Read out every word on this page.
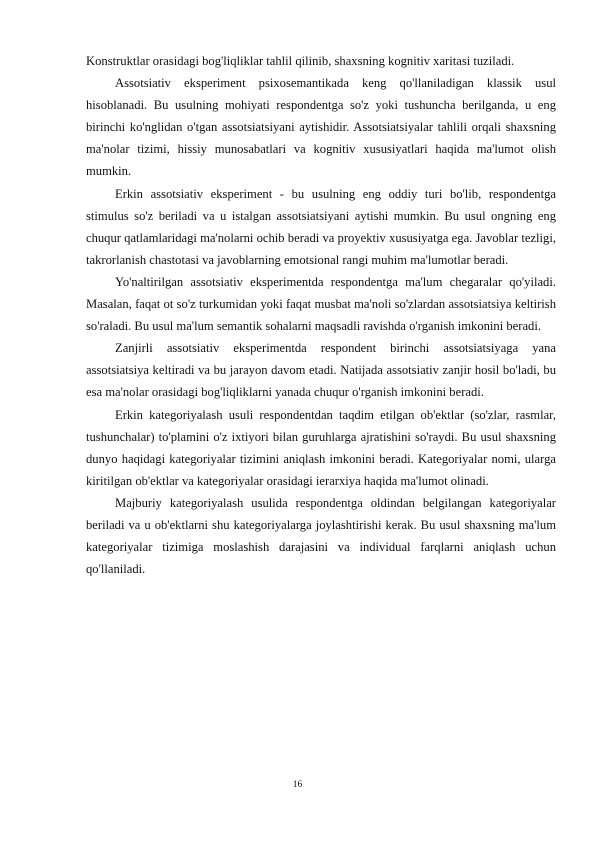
Konstruktlar orasidagi bog'liqliklar tahlil qilinib, shaxsning kognitiv xaritasi tuziladi.

Assotsiativ eksperiment psixosemantikada keng qo'llaniladigan klassik usul hisoblanadi. Bu usulning mohiyati respondentga so'z yoki tushuncha berilganda, u eng birinchi ko'nglidan o'tgan assotsiatsiyani aytishidir. Assotsiatsiyalar tahlili orqali shaxsning ma'nolar tizimi, hissiy munosabatlari va kognitiv xususiyatlari haqida ma'lumot olish mumkin.

Erkin assotsiativ eksperiment - bu usulning eng oddiy turi bo'lib, respondentga stimulus so'z beriladi va u istalgan assotsiatsiyani aytishi mumkin. Bu usul ongning eng chuqur qatlamlaridagi ma'nolarni ochib beradi va proyektiv xususiyatga ega. Javoblar tezligi, takrorlanish chastotasi va javoblarning emotsional rangi muhim ma'lumotlar beradi.

Yo'naltirilgan assotsiativ eksperimentda respondentga ma'lum chegaralar qo'yiladi. Masalan, faqat ot so'z turkumidan yoki faqat musbat ma'noli so'zlardan assotsiatsiya keltirish so'raladi. Bu usul ma'lum semantik sohalarni maqsadli ravishda o'rganish imkonini beradi.

Zanjirli assotsiativ eksperimentda respondent birinchi assotsiatsiyaga yana assotsiatsiya keltiradi va bu jarayon davom etadi. Natijada assotsiativ zanjir hosil bo'ladi, bu esa ma'nolar orasidagi bog'liqliklarni yanada chuqur o'rganish imkonini beradi.

Erkin kategoriyalash usuli respondentdan taqdim etilgan ob'ektlar (so'zlar, rasmlar, tushunchalar) to'plamini o'z ixtiyori bilan guruhlarga ajratishini so'raydi. Bu usul shaxsning dunyo haqidagi kategoriyalar tizimini aniqlash imkonini beradi. Kategoriyalar nomi, ularga kiritilgan ob'ektlar va kategoriyalar orasidagi ierarxiya haqida ma'lumot olinadi.

Majburiy kategoriyalash usulida respondentga oldindan belgilangan kategoriyalar beriladi va u ob'ektlarni shu kategoriyalarga joylashtirishi kerak. Bu usul shaxsning ma'lum kategoriyalar tizimiga moslashish darajasini va individual farqlarni aniqlash uchun qo'llaniladi.

16
